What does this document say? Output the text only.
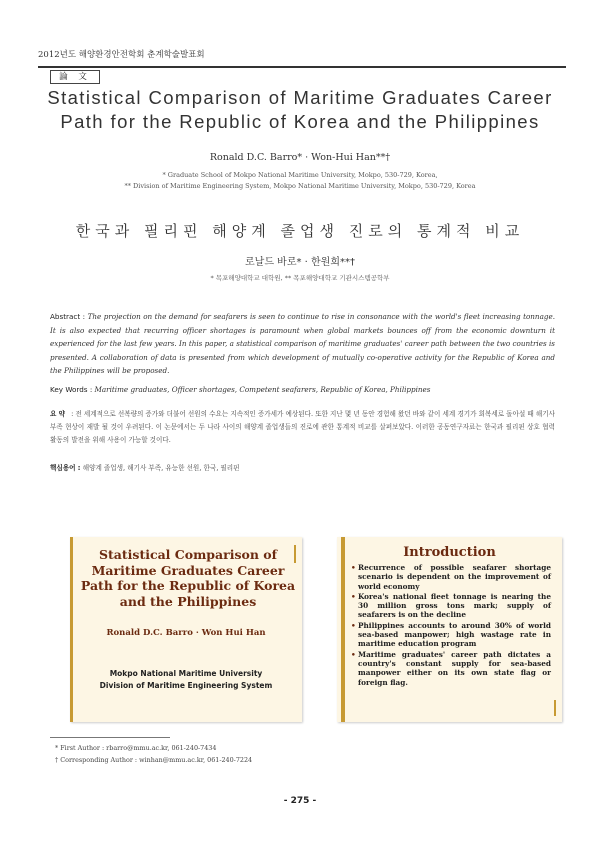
2012년도 해양환경안전학회 춘계학술발표회
論 文
Statistical Comparison of Maritime Graduates Career
Path for the Republic of Korea and the Philippines
Ronald D.C. Barro* · Won-Hui Han**†
* Graduate School of Mokpo National Maritime University, Mokpo, 530-729, Korea,
** Division of Maritime Engineering System, Mokpo National Maritime University, Mokpo, 530-729, Korea
한국과 필리핀 해양계 졸업생 진로의 통계적 비교
로날드 바로* · 한원희**†
* 목포해양대학교 대학원, ** 목포해양대학교 기관시스템공학부
Abstract : The projection on the demand for seafarers is seen to continue to rise in consonance with the world's fleet increasing tonnage. It is also expected that recurring officer shortages is paramount when global markets bounces off from the economic downturn it experienced for the last few years. In this paper, a statistical comparison of maritime graduates' career path between the two countries is presented. A collaboration of data is presented from which development of mutually co-operative activity for the Republic of Korea and the Philippines will be proposed.
Key Words : Maritime graduates, Officer shortages, Competent seafarers, Republic of Korea, Philippines
요 약 : 전 세계적으로 선복량의 증가와 더불어 선원의 수요는 지속적인 증가세가 예상된다. 또한 지난 몇 년 동안 경험해 왔던 바와 같이 세계 경기가 회복세로 돌아설 때 해기사 부족 현상이 재발 될 것이 우려된다. 이 논문에서는 두 나라 사이의 해양계 졸업생들의 진로에 관한 통계적 비교를 살펴보았다. 이러한 공동연구자료는 한국과 필리핀 상호 협력 활동의 발전을 위해 사용이 가능할 것이다.
핵심용어 : 해양계 졸업생, 해기사 부족, 유능한 선원, 한국, 필리핀
Statistical Comparison of Maritime Graduates Career Path for the Republic of Korea and the Philippines
Ronald D.C. Barro · Won Hui Han
Mokpo National Maritime University
Division of Maritime Engineering System
Introduction
• Recurrence of possible seafarer shortage scenario is dependent on the improvement of world economy
• Korea's national fleet tonnage is nearing the 30 million gross tons mark; supply of seafarers is on the decline
• Philippines accounts to around 30% of world sea-based manpower; high wastage rate in maritime education program
• Maritime graduates' career path dictates a country's constant supply for sea-based manpower either on its own state flag or foreign flag.
* First Author : rbarro@mmu.ac.kr, 061-240-7434
† Corresponding Author : winhan@mmu.ac.kr, 061-240-7224
- 275 -
